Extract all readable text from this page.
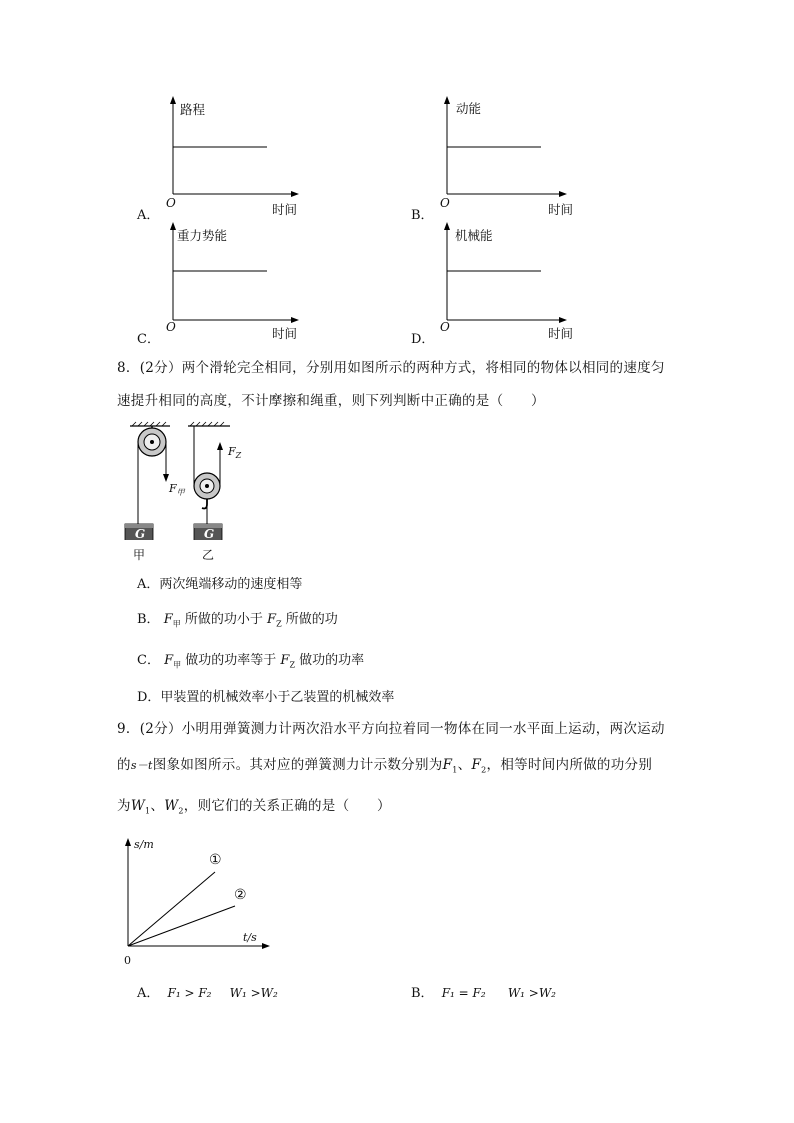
A．
路程
O	时间	B．
动能
O	时间
C．
重力势能
O	时间	D．
机械能
O	时间
8．(2分）两个滑轮完全相同，分别用如图所示的两种方式，将相同的物体以相同的速度匀
速提升相同的高度，不计摩擦和绳重，则下列判断中正确的是（　　）
G	G
甲	乙
$F_甲$
$F_Z$
A．两次绳端移动的速度相等
B． $F_甲$ 所做的功小于 $F_Z$ 所做的功
C． $F_甲$ 做功的功率等于 $F_Z$ 做功的功率
D．甲装置的机械效率小于乙装置的机械效率
9．(2分）小明用弹簧测力计两次沿水平方向拉着同一物体在同一水平面上运动，两次运动
的s－t图象如图所示。其对应的弹簧测力计示数分别为$F_1$、$F_2$，相等时间内所做的功分别
为$W_1$、$W_2$，则它们的关系正确的是（　　）
s/m
t/s
0
①
②
A． F₁ > F₂ W₁ >W₂	B． F₁ = F₂ W₁ >W₂
